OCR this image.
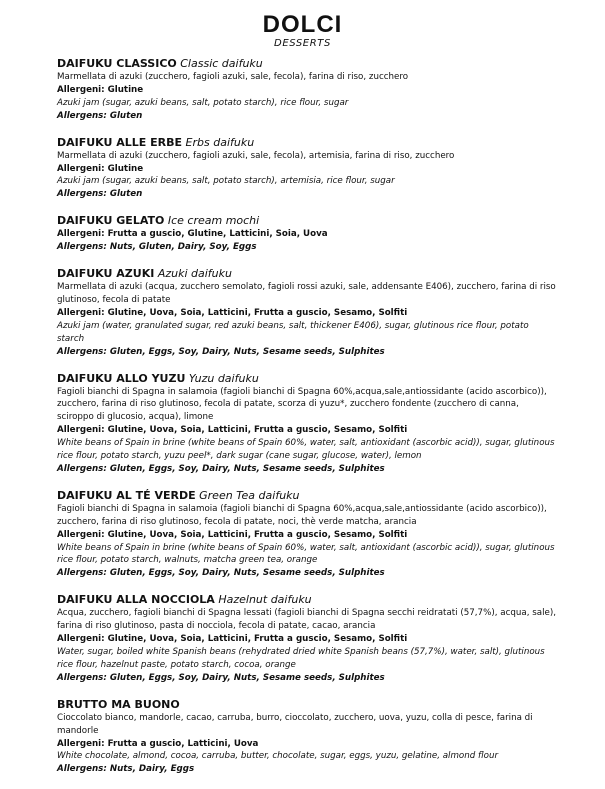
DOLCI
DESSERTS
DAIFUKU CLASSICO Classic daifuku
Marmellata di azuki (zucchero, fagioli azuki, sale, fecola), farina di riso, zucchero
Allergeni: Glutine
Azuki jam (sugar, azuki beans, salt, potato starch), rice flour, sugar
Allergens: Gluten
DAIFUKU ALLE ERBE Erbs daifuku
Marmellata di azuki (zucchero, fagioli azuki, sale, fecola), artemisia, farina di riso, zucchero
Allergeni: Glutine
Azuki jam (sugar, azuki beans, salt, potato starch), artemisia, rice flour, sugar
Allergens: Gluten
DAIFUKU GELATO Ice cream mochi
Allergeni: Frutta a guscio, Glutine, Latticini, Soia, Uova
Allergens: Nuts, Gluten, Dairy, Soy, Eggs
DAIFUKU AZUKI Azuki daifuku
Marmellata di azuki (acqua, zucchero semolato, fagioli rossi azuki, sale, addensante E406), zucchero, farina di riso glutinoso, fecola di patate
Allergeni: Glutine, Uova, Soia, Latticini, Frutta a guscio, Sesamo, Solfiti
Azuki jam (water, granulated sugar, red azuki beans, salt, thickener E406), sugar, glutinous rice flour, potato starch
Allergens: Gluten, Eggs, Soy, Dairy, Nuts, Sesame seeds, Sulphites
DAIFUKU ALLO YUZU Yuzu daifuku
Fagioli bianchi di Spagna in salamoia (fagioli bianchi di Spagna 60%,acqua,sale,antiossidante (acido ascorbico)), zucchero, farina di riso glutinoso, fecola di patate, scorza di yuzu*, zucchero fondente (zucchero di canna, sciroppo di glucosio, acqua), limone
Allergeni: Glutine, Uova, Soia, Latticini, Frutta a guscio, Sesamo, Solfiti
White beans of Spain in brine (white beans of Spain 60%, water, salt, antioxidant (ascorbic acid)), sugar, glutinous rice flour, potato starch, yuzu peel*, dark sugar (cane sugar, glucose, water), lemon
Allergens: Gluten, Eggs, Soy, Dairy, Nuts, Sesame seeds, Sulphites
DAIFUKU AL TÉ VERDE Green Tea daifuku
Fagioli bianchi di Spagna in salamoia (fagioli bianchi di Spagna 60%,acqua,sale,antiossidante (acido ascorbico)), zucchero, farina di riso glutinoso, fecola di patate, noci, thè verde matcha, arancia
Allergeni: Glutine, Uova, Soia, Latticini, Frutta a guscio, Sesamo, Solfiti
White beans of Spain in brine (white beans of Spain 60%, water, salt, antioxidant (ascorbic acid)), sugar, glutinous rice flour, potato starch, walnuts, matcha green tea, orange
Allergens: Gluten, Eggs, Soy, Dairy, Nuts, Sesame seeds, Sulphites
DAIFUKU ALLA NOCCIOLA Hazelnut daifuku
Acqua, zucchero, fagioli bianchi di Spagna lessati (fagioli bianchi di Spagna secchi reidratati (57,7%), acqua, sale), farina di riso glutinoso, pasta di nocciola, fecola di patate, cacao, arancia
Allergeni: Glutine, Uova, Soia, Latticini, Frutta a guscio, Sesamo, Solfiti
Water, sugar, boiled white Spanish beans (rehydrated dried white Spanish beans (57,7%), water, salt), glutinous rice flour, hazelnut paste, potato starch, cocoa, orange
Allergens: Gluten, Eggs, Soy, Dairy, Nuts, Sesame seeds, Sulphites
BRUTTO MA BUONO
Cioccolato bianco, mandorle, cacao, carruba, burro, cioccolato, zucchero, uova, yuzu, colla di pesce, farina di mandorle
Allergeni: Frutta a guscio, Latticini, Uova
White chocolate, almond, cocoa, carruba, butter, chocolate, sugar, eggs, yuzu, gelatine, almond flour
Allergens: Nuts, Dairy, Eggs
